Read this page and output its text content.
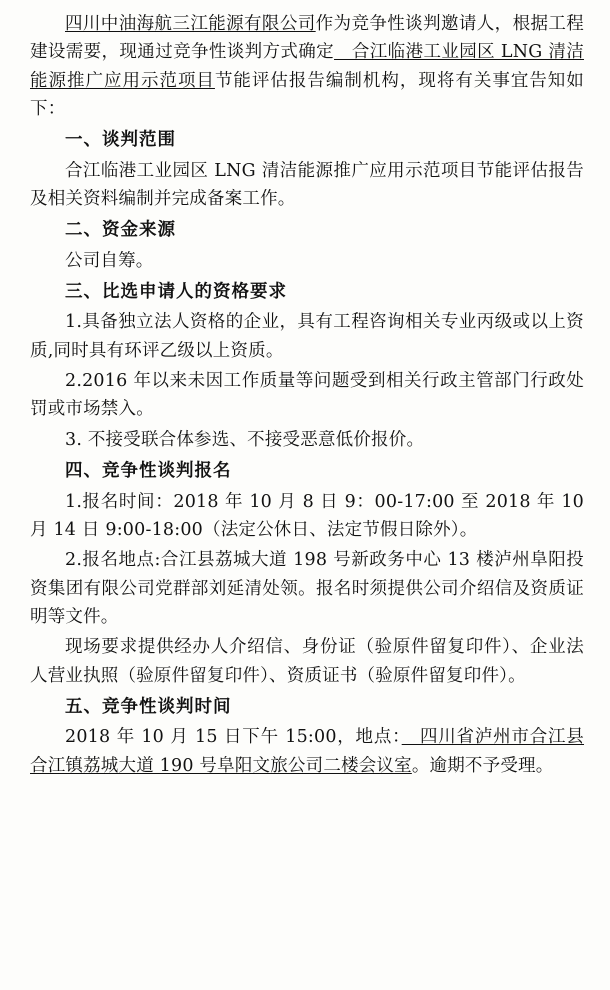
四川中油海航三江能源有限公司作为竞争性谈判邀请人，根据工程建设需要，现通过竞争性谈判方式确定　合江临港工业园区 LNG 清洁能源推广应用示范项目节能评估报告编制机构，现将有关事宜告知如下：

一、谈判范围

合江临港工业园区 LNG 清洁能源推广应用示范项目节能评估报告及相关资料编制并完成备案工作。

二、资金来源

公司自筹。

三、比选申请人的资格要求

1.具备独立法人资格的企业，具有工程咨询相关专业丙级或以上资质,同时具有环评乙级以上资质。

2.2016 年以来未因工作质量等问题受到相关行政主管部门行政处罚或市场禁入。

3. 不接受联合体参选、不接受恶意低价报价。

四、竞争性谈判报名

1.报名时间：2018 年 10 月 8 日 9：00-17:00 至 2018 年 10 月 14 日 9:00-18:00（法定公休日、法定节假日除外）。

2.报名地点:合江县荔城大道 198 号新政务中心 13 楼泸州阜阳投资集团有限公司党群部刘延清处领。报名时须提供公司介绍信及资质证明等文件。

现场要求提供经办人介绍信、身份证（验原件留复印件）、企业法人营业执照（验原件留复印件）、资质证书（验原件留复印件）。

五、竞争性谈判时间

2018 年 10 月 15 日下午 15:00，地点：　四川省泸州市合江县合江镇荔城大道 190 号阜阳文旅公司二楼会议室。逾期不予受理。
